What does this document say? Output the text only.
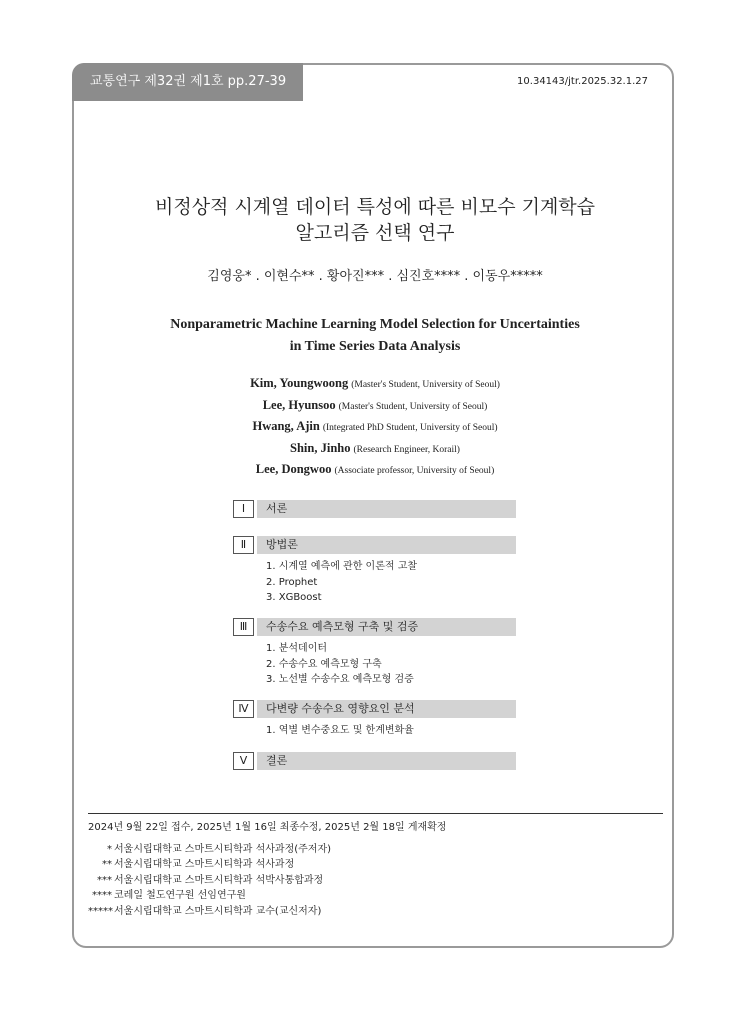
교통연구 제32권 제1호 pp.27-39	10.34143/jtr.2025.32.1.27
비정상적 시계열 데이터 특성에 따른 비모수 기계학습
알고리즘 선택 연구
김영웅* . 이현수** . 황아진*** . 심진호**** . 이동우*****
Nonparametric Machine Learning Model Selection for Uncertainties
in Time Series Data Analysis
Kim, Youngwoong (Master's Student, University of Seoul)
Lee, Hyunsoo (Master's Student, University of Seoul)
Hwang, Ajin (Integrated PhD Student, University of Seoul)
Shin, Jinho (Research Engineer, Korail)
Lee, Dongwoo (Associate professor, University of Seoul)
Ⅰ	서론
Ⅱ	방법론
1. 시계열 예측에 관한 이론적 고찰
2. Prophet
3. XGBoost
Ⅲ	수송수요 예측모형 구축 및 검증
1. 분석데이터
2. 수송수요 예측모형 구축
3. 노선별 수송수요 예측모형 검증
Ⅳ	다변량 수송수요 영향요인 분석
1. 역별 변수중요도 및 한계변화율
Ⅴ	결론
2024년 9월 22일 접수, 2025년 1월 16일 최종수정, 2025년 2월 18일 게재확정
* 서울시립대학교 스마트시티학과 석사과정(주저자)
** 서울시립대학교 스마트시티학과 석사과정
*** 서울시립대학교 스마트시티학과 석박사통합과정
**** 코레일 철도연구원 선임연구원
*****서울시립대학교 스마트시티학과 교수(교신저자)
